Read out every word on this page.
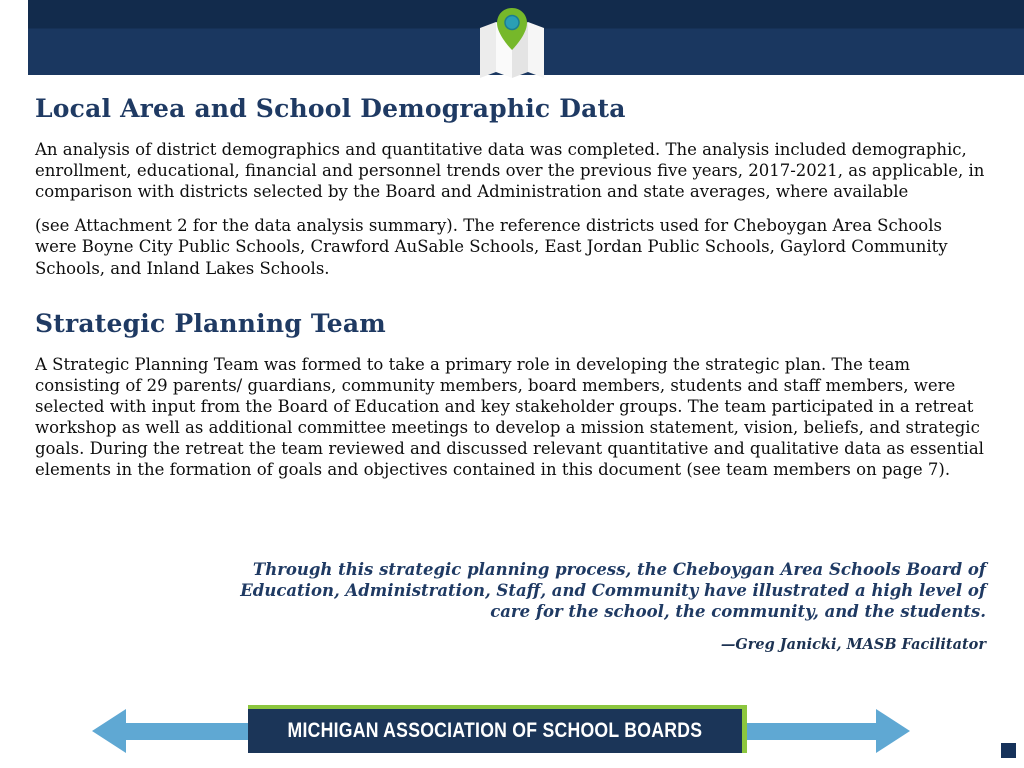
Local Area and School Demographic Data

An analysis of district demographics and quantitative data was completed. The analysis included demographic, enrollment, educational, financial and personnel trends over the previous five years, 2017-2021, as applicable, in comparison with districts selected by the Board and Administration and state averages, where available

(see Attachment 2 for the data analysis summary). The reference districts used for Cheboygan Area Schools were Boyne City Public Schools, Crawford AuSable Schools, East Jordan Public Schools, Gaylord Community Schools, and Inland Lakes Schools.

Strategic Planning Team

A Strategic Planning Team was formed to take a primary role in developing the strategic plan. The team consisting of 29 parents/ guardians, community members, board members, students and staff members, were selected with input from the Board of Education and key stakeholder groups. The team participated in a retreat workshop as well as additional committee meetings to develop a mission statement, vision, beliefs, and strategic goals. During the retreat the team reviewed and discussed relevant quantitative and qualitative data as essential elements in the formation of goals and objectives contained in this document (see team members on page 7).

Through this strategic planning process, the Cheboygan Area Schools Board of Education, Administration, Staff, and Community have illustrated a high level of care for the school, the community, and the students.

—Greg Janicki, MASB Facilitator

MICHIGAN ASSOCIATION OF SCHOOL BOARDS
